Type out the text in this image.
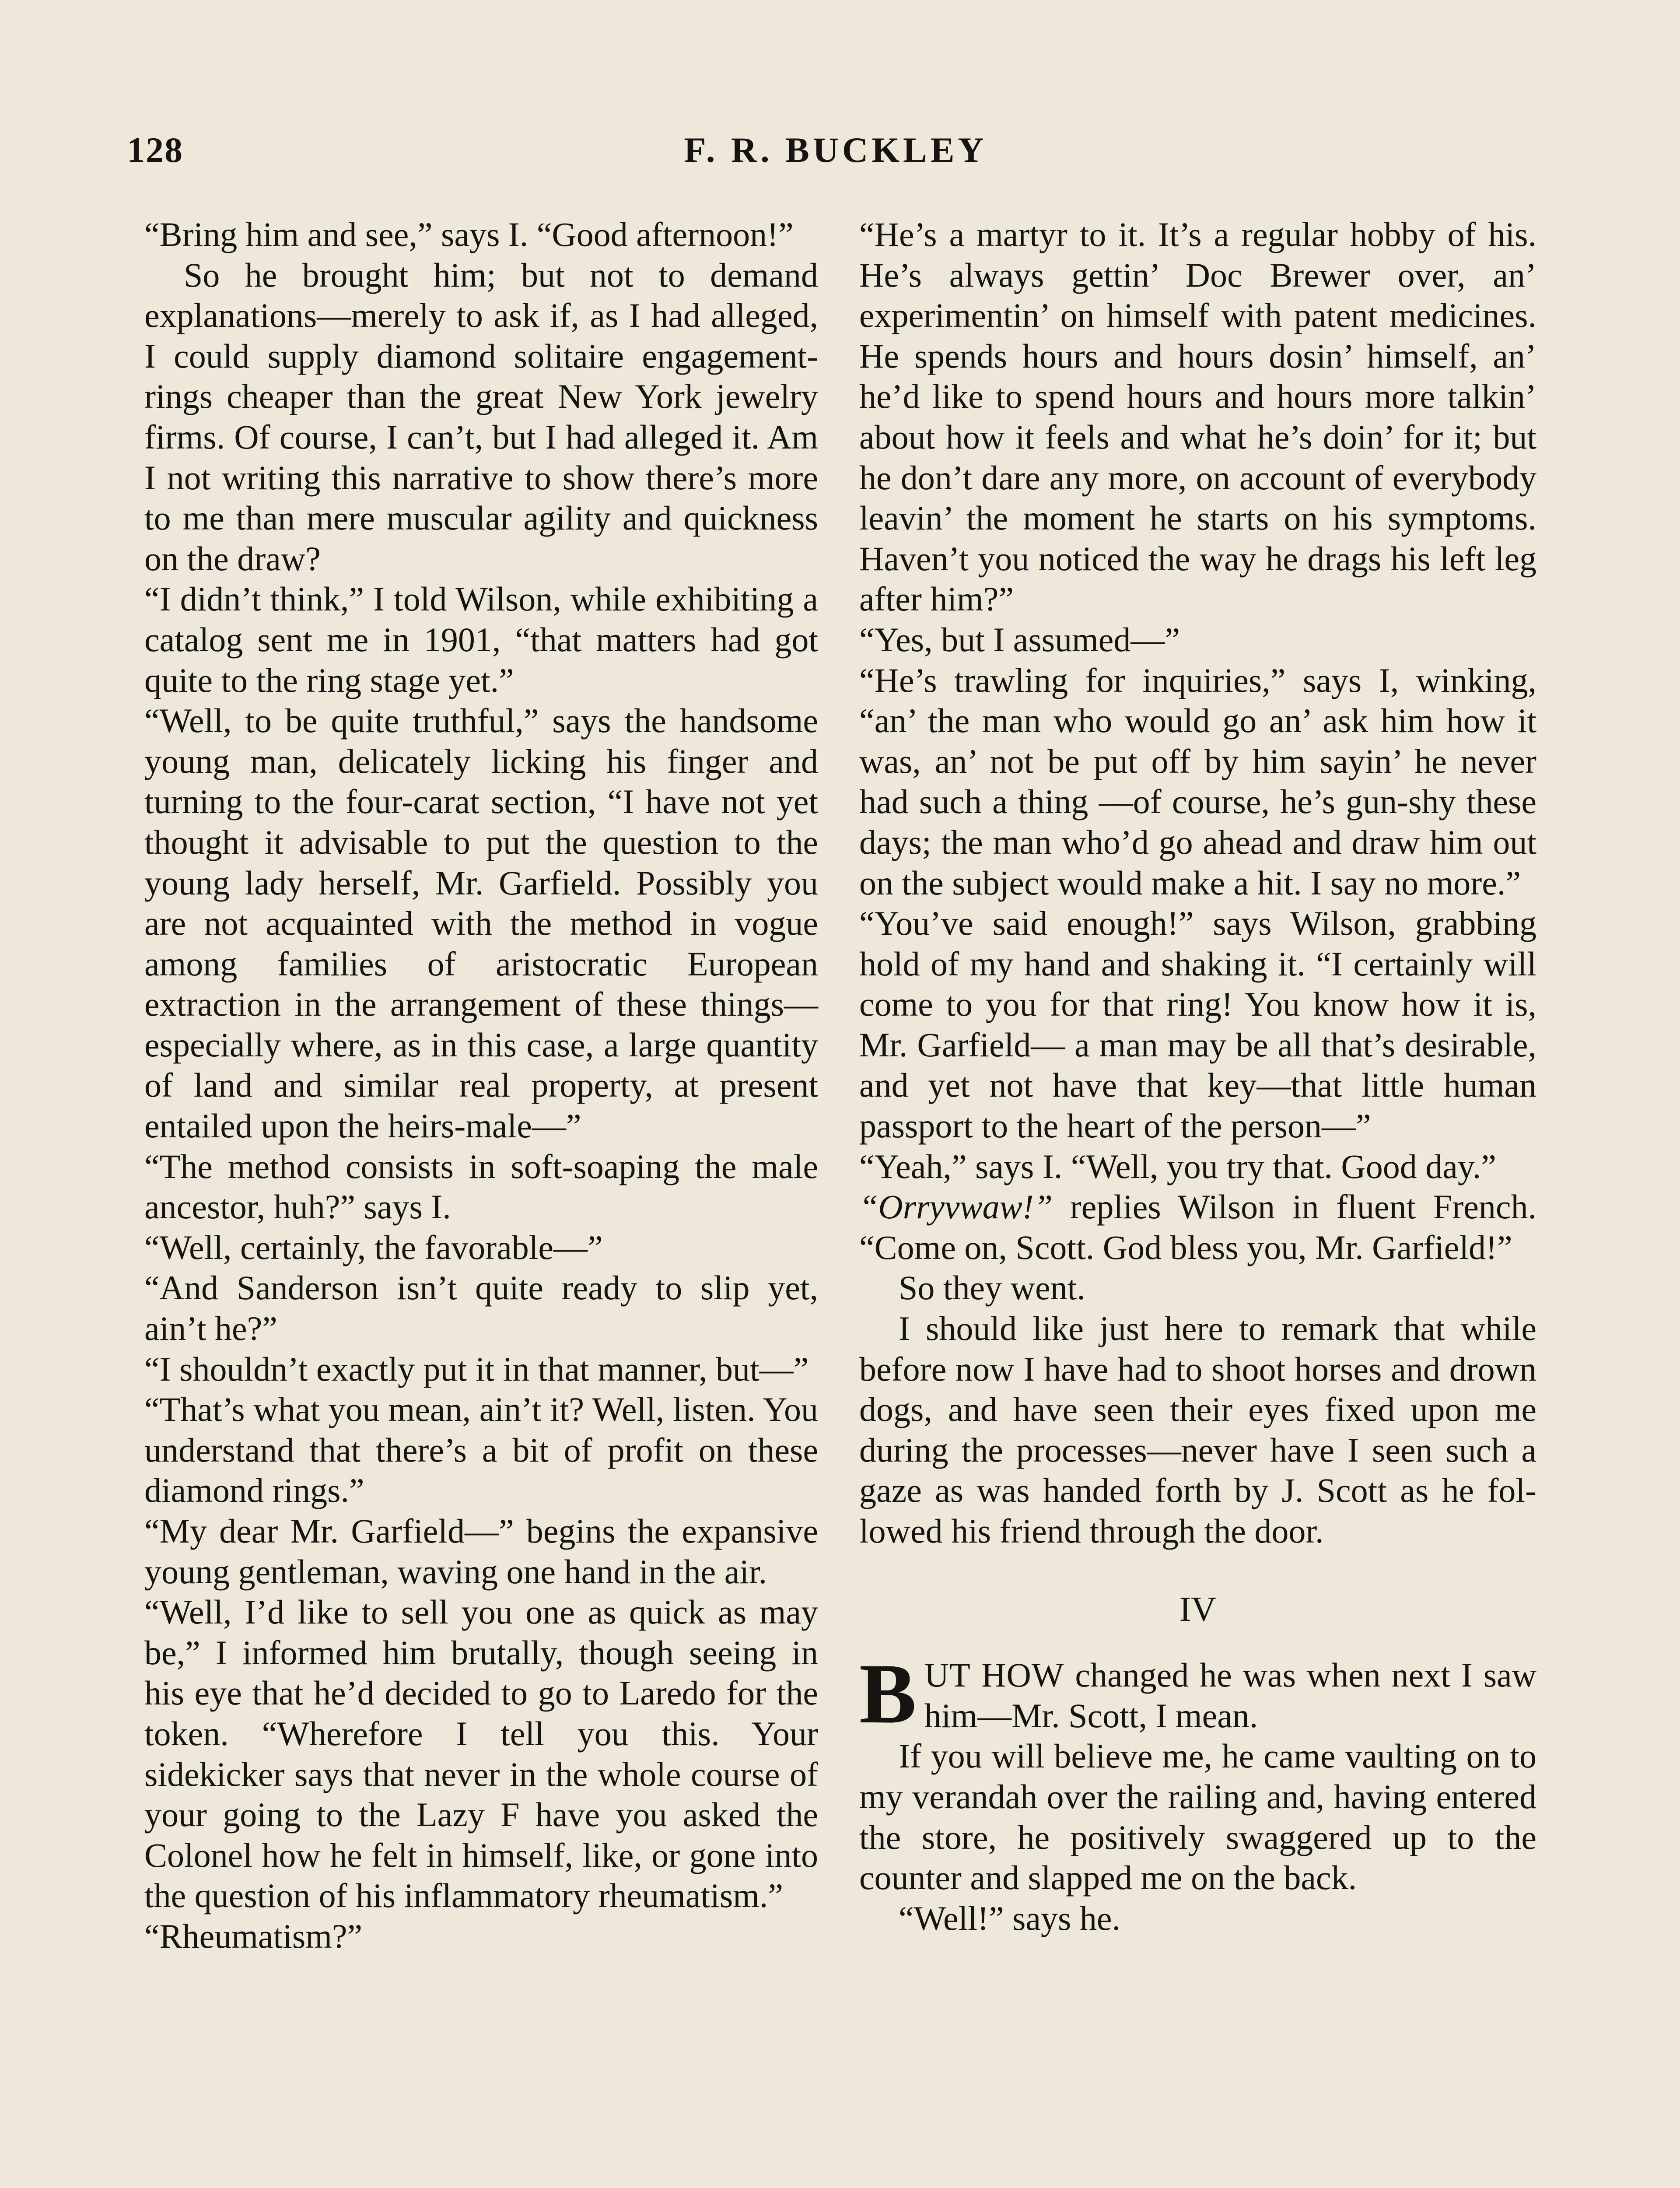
128	F. R. BUCKLEY

“Bring him and see,” says I. “Good afternoon!”

So he brought him; but not to demand explanations—merely to ask if, as I had alleged, I could supply diamond solitaire engagement-rings cheaper than the great New York jewelry firms. Of course, I can’t, but I had alleged it. Am I not writing this narrative to show there’s more to me than mere muscular agility and quickness on the draw?

“I didn’t think,” I told Wilson, while exhibiting a catalog sent me in 1901, “that matters had got quite to the ring stage yet.”

“Well, to be quite truthful,” says the handsome young man, delicately licking his finger and turning to the four-carat section, “I have not yet thought it advisable to put the question to the young lady herself, Mr. Garfield. Possibly you are not acquainted with the method in vogue among families of aristocratic European extraction in the arrangement of these things—especially where, as in this case, a large quantity of land and similar real property, at present entailed upon the heirs-male—”

“The method consists in soft-soaping the male ancestor, huh?” says I.

“Well, certainly, the favorable—”

“And Sanderson isn’t quite ready to slip yet, ain’t he?”

“I shouldn’t exactly put it in that manner, but—”

“That’s what you mean, ain’t it? Well, listen. You understand that there’s a bit of profit on these diamond rings.”

“My dear Mr. Garfield—” begins the expansive young gentleman, waving one hand in the air.

“Well, I’d like to sell you one as quick as may be,” I informed him brutally, though seeing in his eye that he’d decided to go to Laredo for the token. “Wherefore I tell you this. Your sidekicker says that never in the whole course of your going to the Lazy F have you asked the Colonel how he felt in himself, like, or gone into the question of his inflammatory rheumatism.”

“Rheumatism?”

“He’s a martyr to it. It’s a regular hobby of his. He’s always gettin’ Doc Brewer over, an’ experimentin’ on himself with patent medicines. He spends hours and hours dosin’ himself, an’ he’d like to spend hours and hours more talkin’ about how it feels and what he’s doin’ for it; but he don’t dare any more, on account of everybody leavin’ the moment he starts on his symptoms. Haven’t you noticed the way he drags his left leg after him?”

“Yes, but I assumed—”

“He’s trawling for inquiries,” says I, winking, “an’ the man who would go an’ ask him how it was, an’ not be put off by him sayin’ he never had such a thing —of course, he’s gun-shy these days; the man who’d go ahead and draw him out on the subject would make a hit. I say no more.”

“You’ve said enough!” says Wilson, grabbing hold of my hand and shaking it. “I certainly will come to you for that ring! You know how it is, Mr. Garfield— a man may be all that’s desirable, and yet not have that key—that little human passport to the heart of the person—”

“Yeah,” says I. “Well, you try that. Good day.”

“Orryvwaw!” replies Wilson in fluent French. “Come on, Scott. God bless you, Mr. Garfield!”

So they went.

I should like just here to remark that while before now I have had to shoot horses and drown dogs, and have seen their eyes fixed upon me during the processes—never have I seen such a gaze as was handed forth by J. Scott as he followed his friend through the door.

IV

BUT HOW changed he was when next I saw him—Mr. Scott, I mean.

If you will believe me, he came vaulting on to my verandah over the railing and, having entered the store, he positively swaggered up to the counter and slapped me on the back.

“Well!” says he.
